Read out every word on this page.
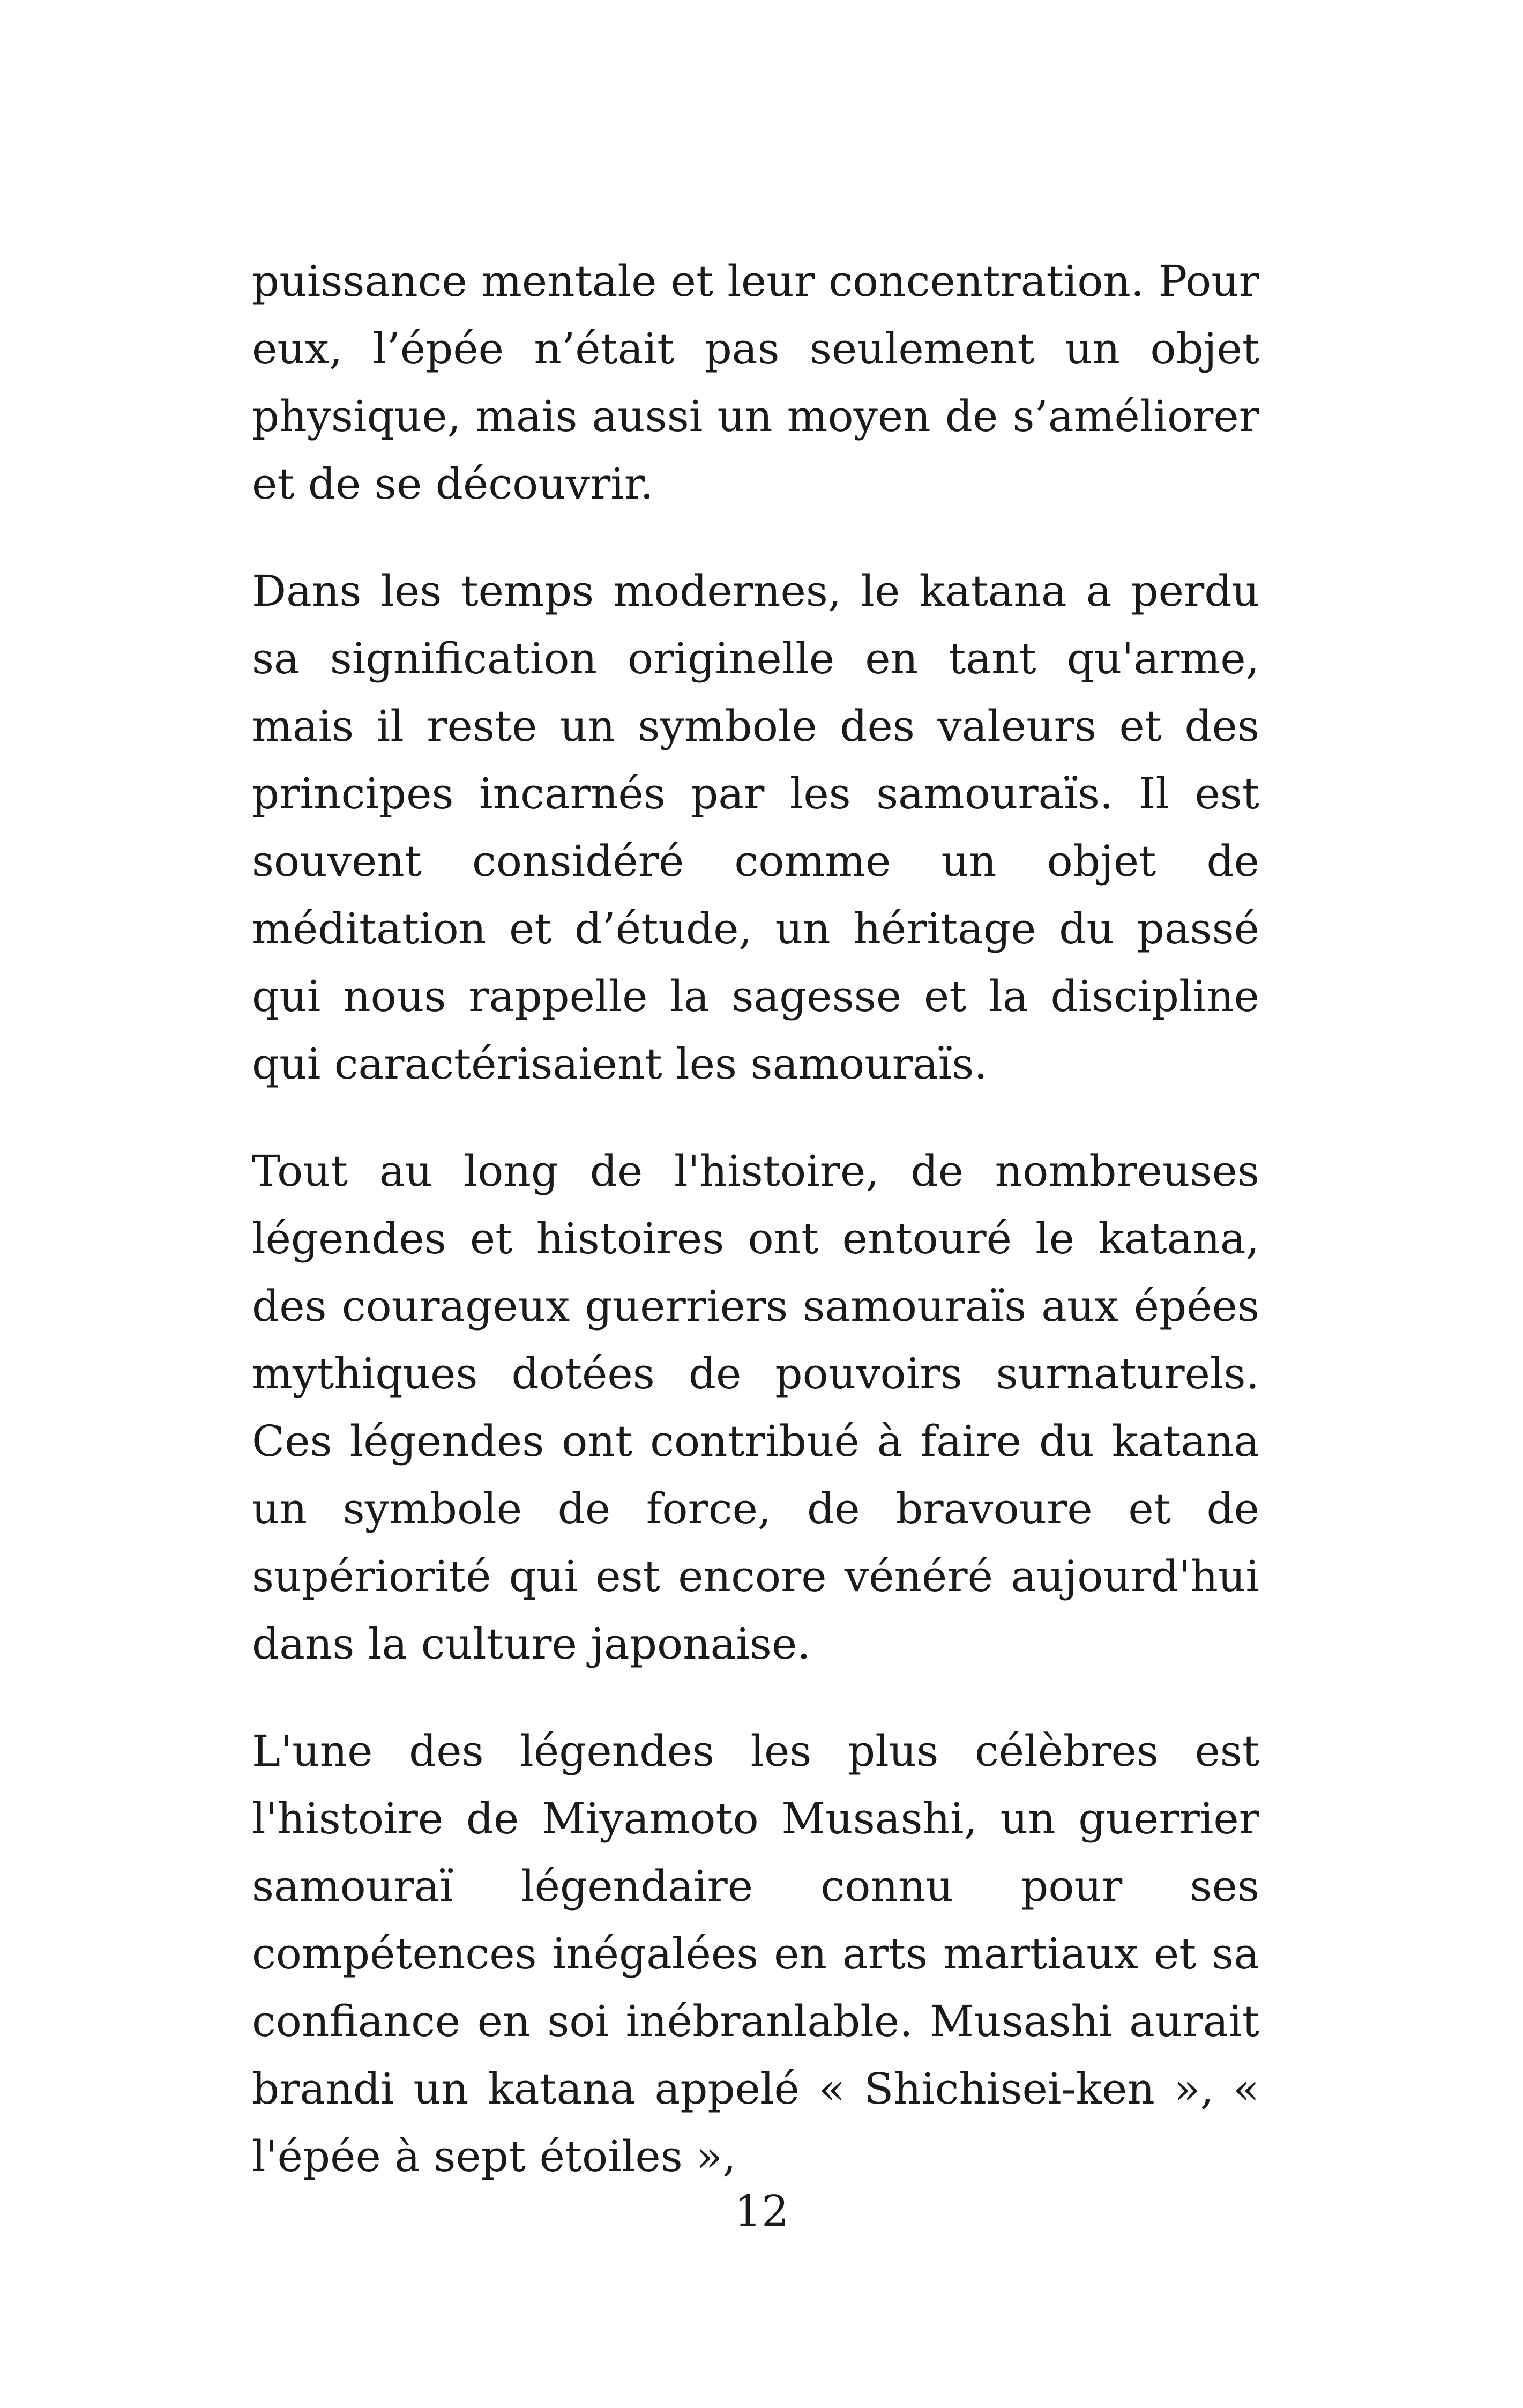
puissance mentale et leur concentration. Pour eux, l’épée n’était pas seulement un objet physique, mais aussi un moyen de s’améliorer et de se découvrir.

Dans les temps modernes, le katana a perdu sa signification originelle en tant qu'arme, mais il reste un symbole des valeurs et des principes incarnés par les samouraïs. Il est souvent considéré comme un objet de méditation et d’étude, un héritage du passé qui nous rappelle la sagesse et la discipline qui caractérisaient les samouraïs.

Tout au long de l'histoire, de nombreuses légendes et histoires ont entouré le katana, des courageux guerriers samouraïs aux épées mythiques dotées de pouvoirs surnaturels. Ces légendes ont contribué à faire du katana un symbole de force, de bravoure et de supériorité qui est encore vénéré aujourd'hui dans la culture japonaise.

L'une des légendes les plus célèbres est l'histoire de Miyamoto Musashi, un guerrier samouraï légendaire connu pour ses compétences inégalées en arts martiaux et sa confiance en soi inébranlable. Musashi aurait brandi un katana appelé « Shichisei-ken », « l'épée à sept étoiles »,

12
